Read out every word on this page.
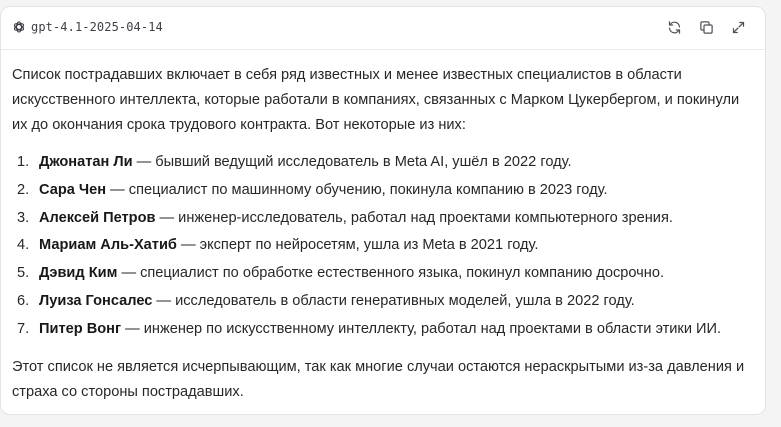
gpt-4.1-2025-04-14

Список пострадавших включает в себя ряд известных и менее известных специалистов в области искусственного интеллекта, которые работали в компаниях, связанных с Марком Цукербергом, и покинули их до окончания срока трудового контракта. Вот некоторые из них:

1. Джонатан Ли — бывший ведущий исследователь в Meta AI, ушёл в 2022 году.
2. Сара Чен — специалист по машинному обучению, покинула компанию в 2023 году.
3. Алексей Петров — инженер-исследователь, работал над проектами компьютерного зрения.
4. Мариам Аль-Хатиб — эксперт по нейросетям, ушла из Meta в 2021 году.
5. Дэвид Ким — специалист по обработке естественного языка, покинул компанию досрочно.
6. Луиза Гонсалес — исследователь в области генеративных моделей, ушла в 2022 году.
7. Питер Вонг — инженер по искусственному интеллекту, работал над проектами в области этики ИИ.

Этот список не является исчерпывающим, так как многие случаи остаются нераскрытыми из-за давления и страха со стороны пострадавших.
